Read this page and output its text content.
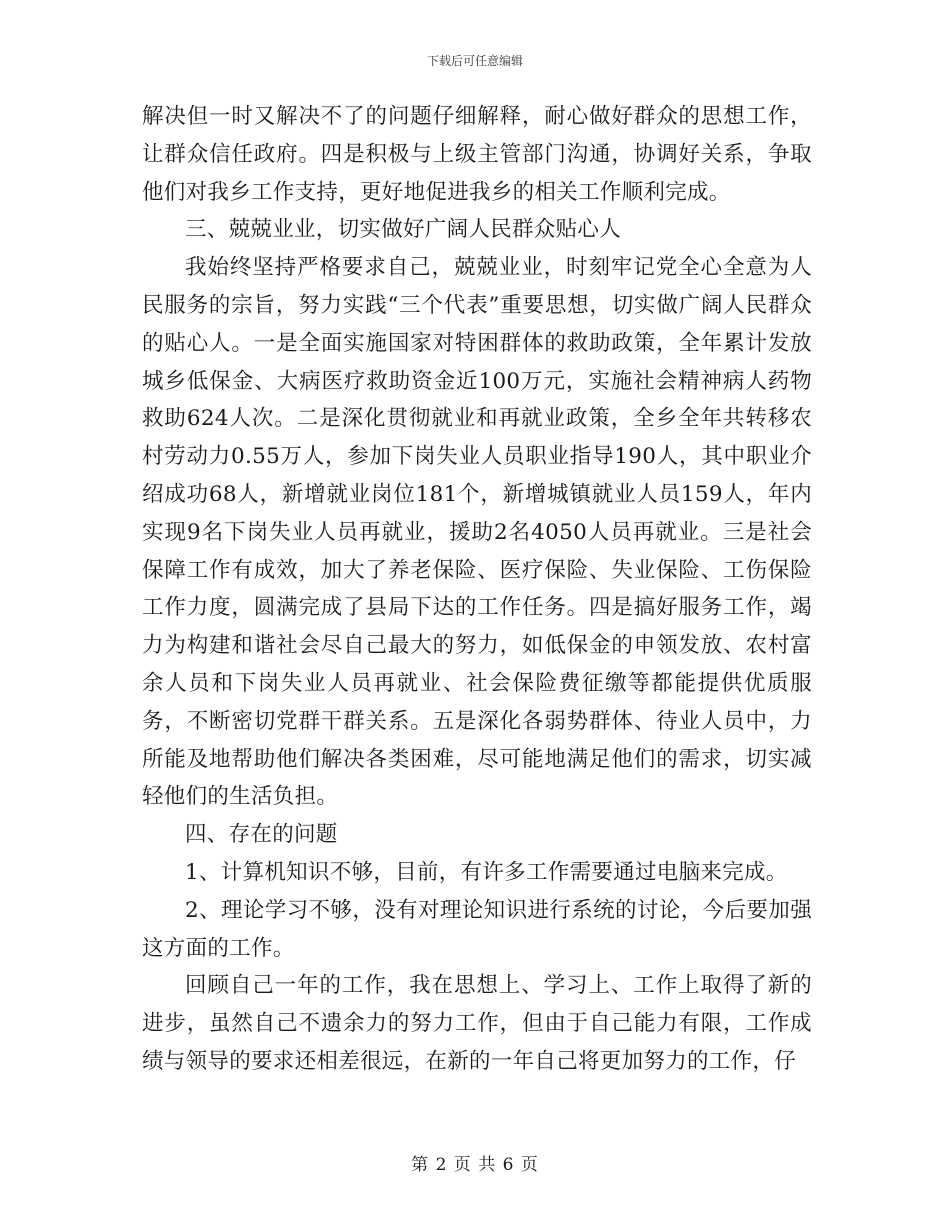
下载后可任意编辑

解决但一时又解决不了的问题仔细解释，耐心做好群众的思想工作，让群众信任政府。四是积极与上级主管部门沟通，协调好关系，争取他们对我乡工作支持，更好地促进我乡的相关工作顺利完成。

三、兢兢业业，切实做好广阔人民群众贴心人

我始终坚持严格要求自己，兢兢业业，时刻牢记党全心全意为人民服务的宗旨，努力实践“三个代表”重要思想，切实做广阔人民群众的贴心人。一是全面实施国家对特困群体的救助政策，全年累计发放城乡低保金、大病医疗救助资金近100万元，实施社会精神病人药物救助624人次。二是深化贯彻就业和再就业政策，全乡全年共转移农村劳动力0.55万人，参加下岗失业人员职业指导190人，其中职业介绍成功68人，新增就业岗位181个，新增城镇就业人员159人，年内实现9名下岗失业人员再就业，援助2名4050人员再就业。三是社会保障工作有成效，加大了养老保险、医疗保险、失业保险、工伤保险工作力度，圆满完成了县局下达的工作任务。四是搞好服务工作，竭力为构建和谐社会尽自己最大的努力，如低保金的申领发放、农村富余人员和下岗失业人员再就业、社会保险费征缴等都能提供优质服务，不断密切党群干群关系。五是深化各弱势群体、待业人员中，力所能及地帮助他们解决各类困难，尽可能地满足他们的需求，切实减轻他们的生活负担。

四、存在的问题

1、计算机知识不够，目前，有许多工作需要通过电脑来完成。

2、理论学习不够，没有对理论知识进行系统的讨论，今后要加强这方面的工作。

回顾自己一年的工作，我在思想上、学习上、工作上取得了新的进步，虽然自己不遗余力的努力工作，但由于自己能力有限，工作成绩与领导的要求还相差很远，在新的一年自己将更加努力的工作，仔

第 2 页 共 6 页
